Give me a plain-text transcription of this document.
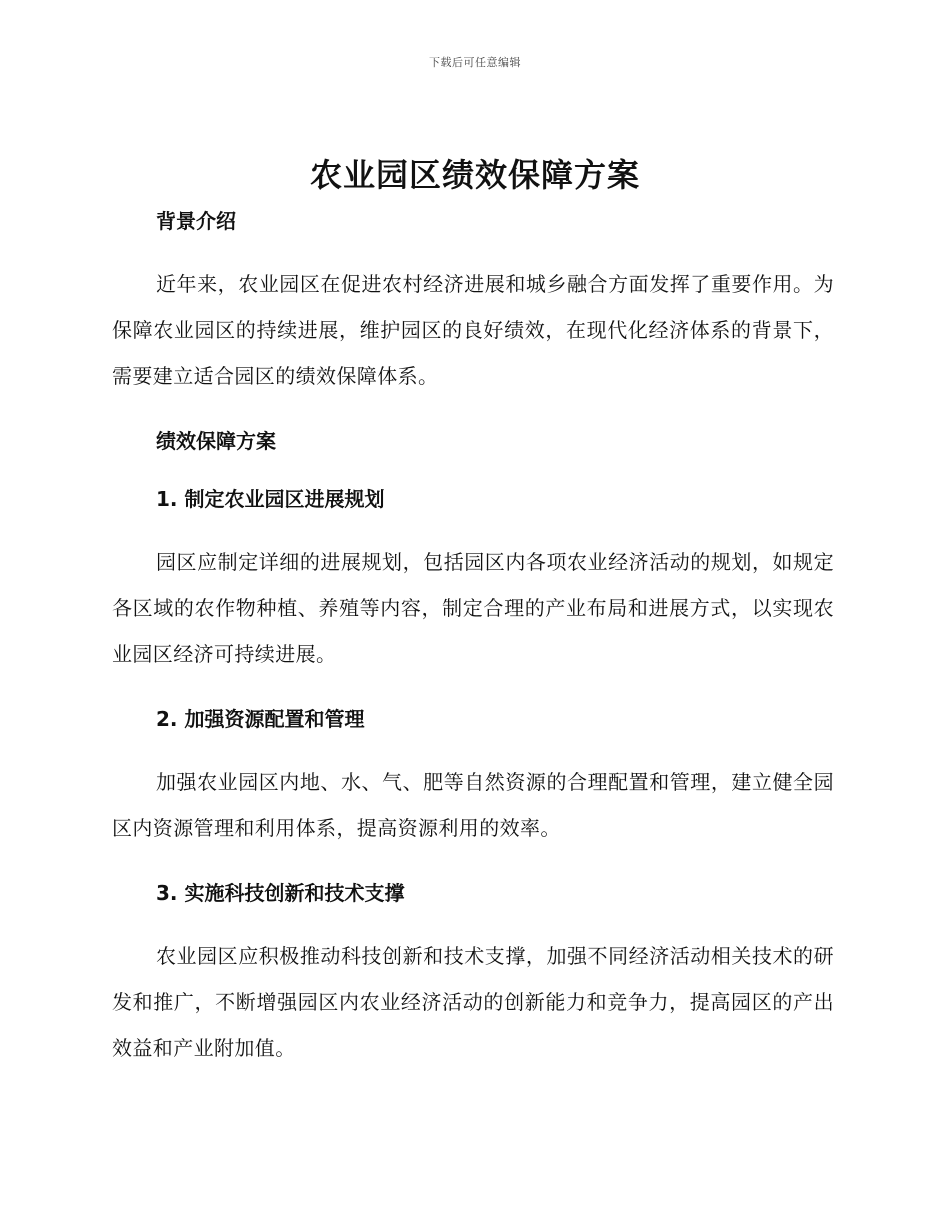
下载后可任意编辑
农业园区绩效保障方案
背景介绍

近年来，农业园区在促进农村经济进展和城乡融合方面发挥了重要作用。为保障农业园区的持续进展，维护园区的良好绩效，在现代化经济体系的背景下，需要建立适合园区的绩效保障体系。

绩效保障方案
1. 制定农业园区进展规划

园区应制定详细的进展规划，包括园区内各项农业经济活动的规划，如规定各区域的农作物种植、养殖等内容，制定合理的产业布局和进展方式，以实现农业园区经济可持续进展。

2. 加强资源配置和管理

加强农业园区内地、水、气、肥等自然资源的合理配置和管理，建立健全园区内资源管理和利用体系，提高资源利用的效率。

3. 实施科技创新和技术支撑

农业园区应积极推动科技创新和技术支撑，加强不同经济活动相关技术的研发和推广，不断增强园区内农业经济活动的创新能力和竞争力，提高园区的产出效益和产业附加值。
